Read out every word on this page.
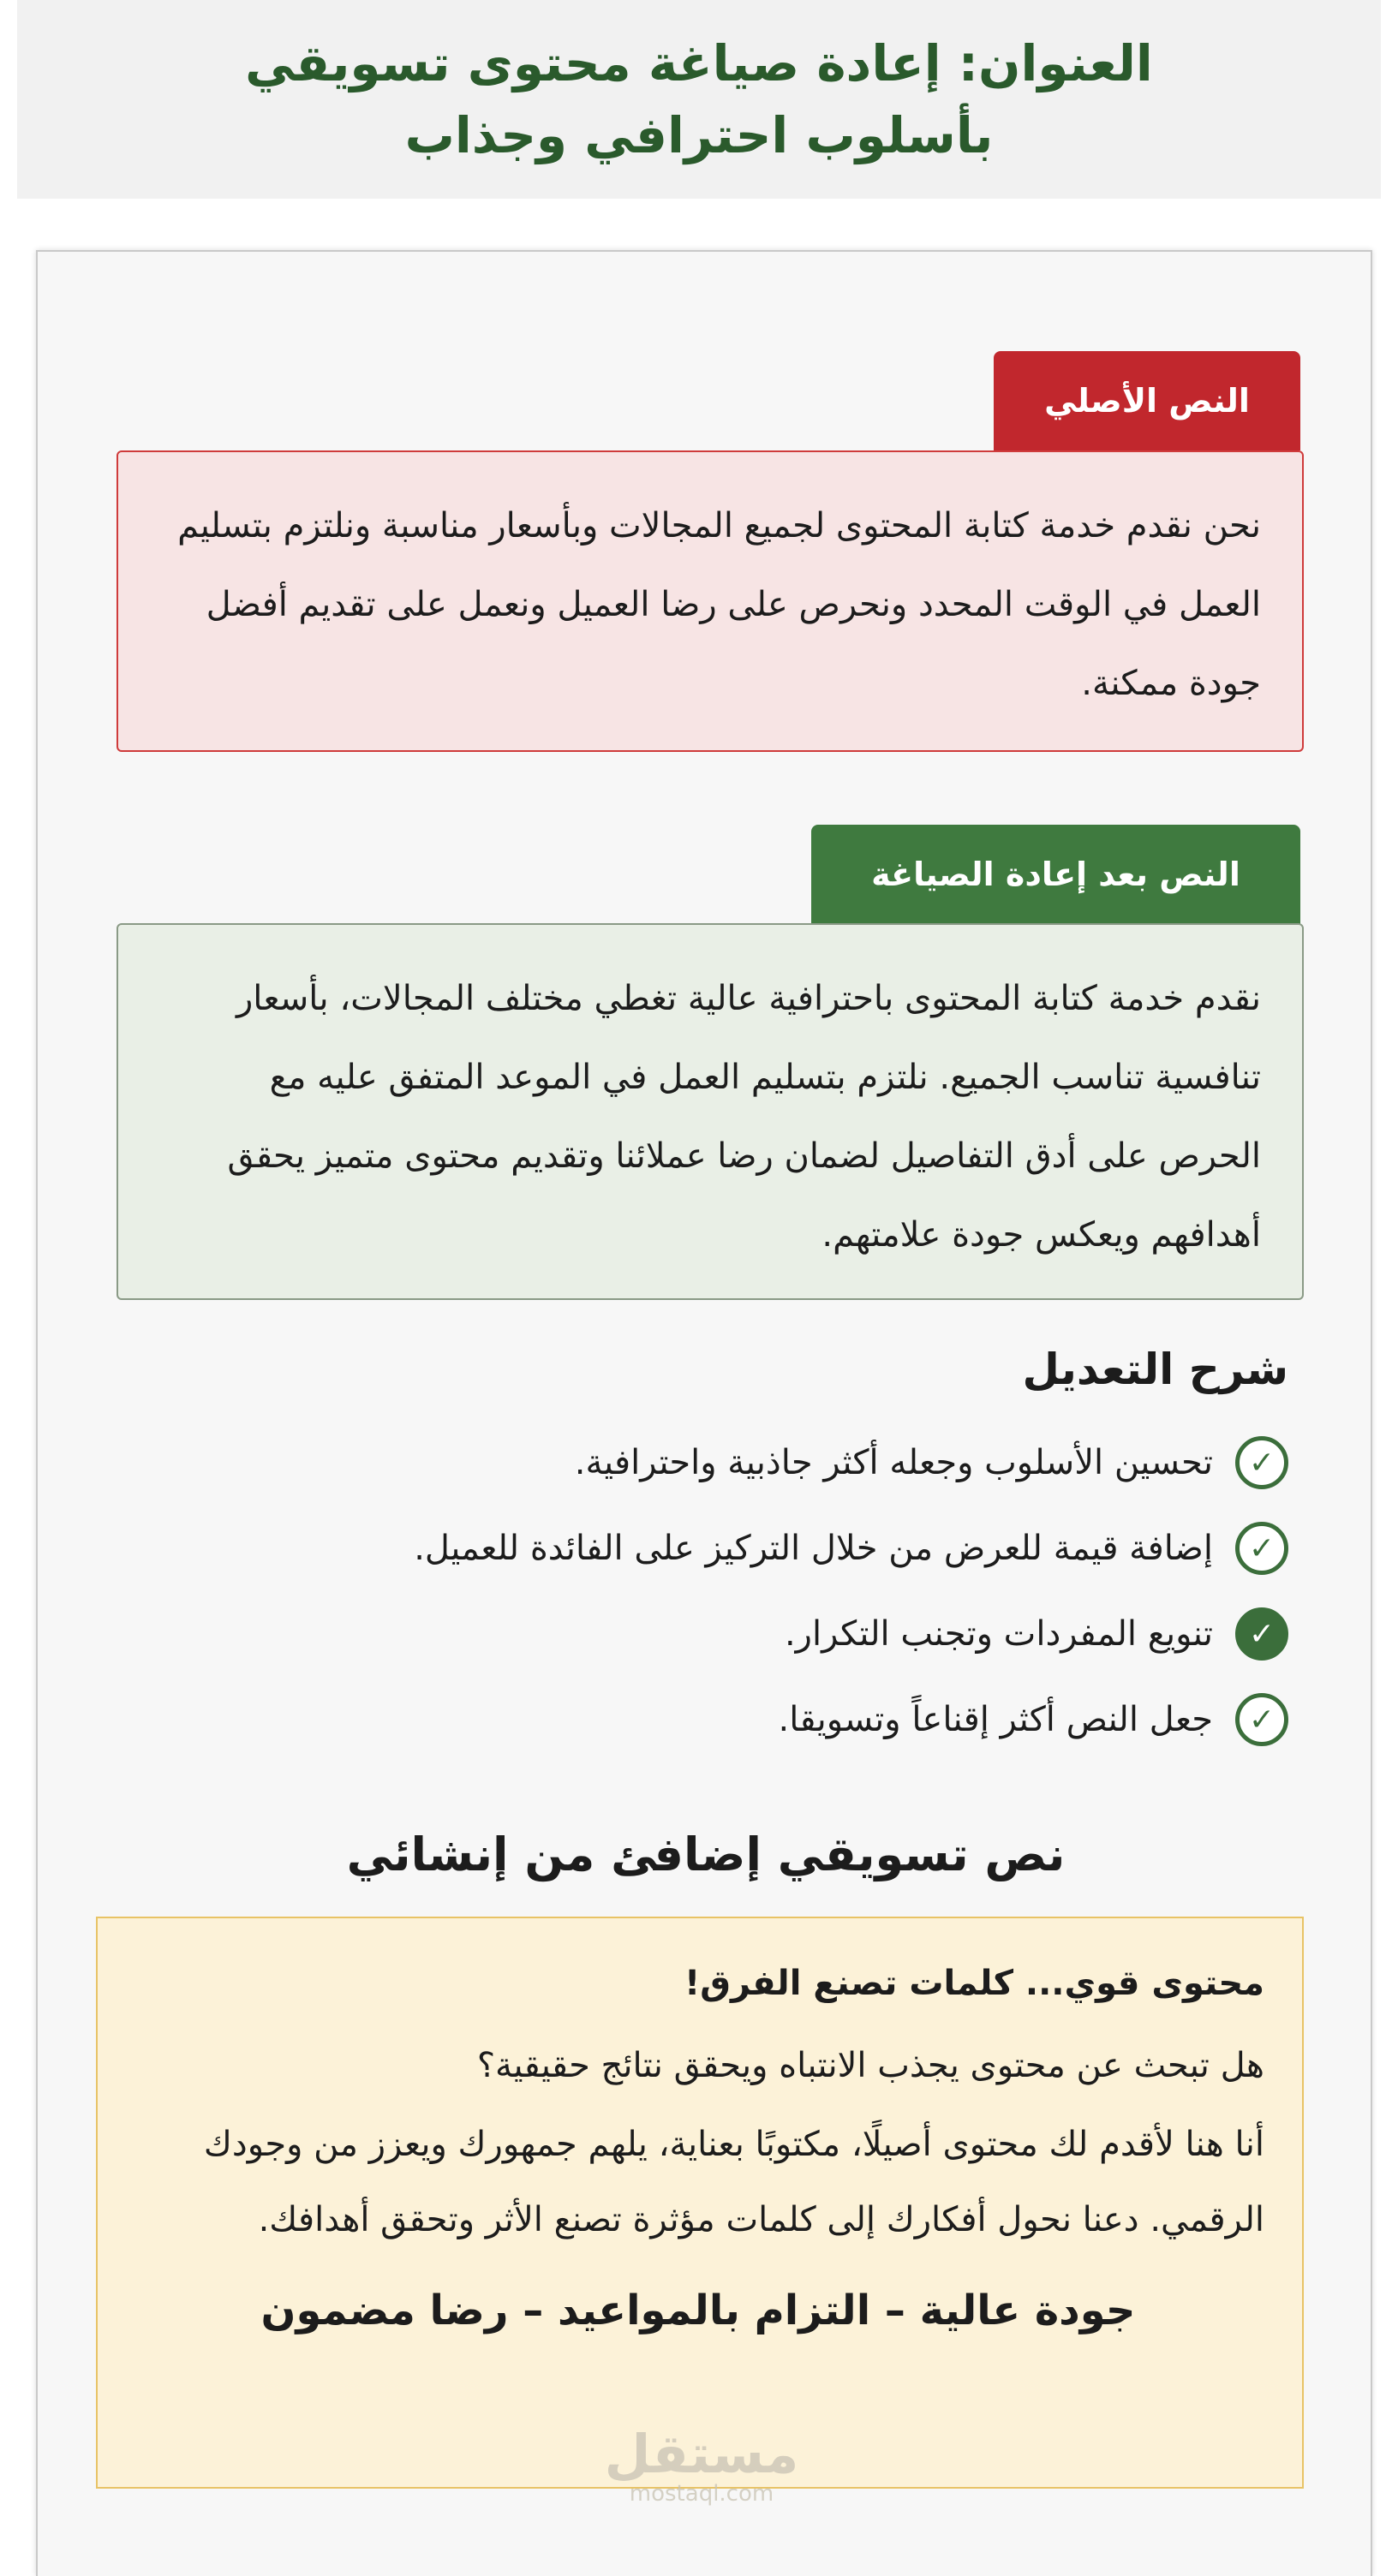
العنوان: إعادة صياغة محتوى تسويقي بأسلوب احترافي وجذاب
النص الأصلي

نحن نقدم خدمة كتابة المحتوى لجميع المجالات وبأسعار مناسبة ونلتزم بتسليم العمل في الوقت المحدد ونحرص على رضا العميل ونعمل على تقديم أفضل جودة ممكنة.

النص بعد إعادة الصياغة

نقدم خدمة كتابة المحتوى باحترافية عالية تغطي مختلف المجالات، بأسعار تنافسية تناسب الجميع. نلتزم بتسليم العمل في الموعد المتفق عليه مع الحرص على أدق التفاصيل لضمان رضا عملائنا وتقديم محتوى متميز يحقق أهدافهم ويعكس جودة علامتهم.

شرح التعديل
✓
تحسين الأسلوب وجعله أكثر جاذبية واحترافية.
✓
إضافة قيمة للعرض من خلال التركيز على الفائدة للعميل.
✓
تنويع المفردات وتجنب التكرار.
✓
جعل النص أكثر إقناعاً وتسويقا.
نص تسويقي إضافئ من إنشائي

محتوى قوي... كلمات تصنع الفرق!

هل تبحث عن محتوى يجذب الانتباه ويحقق نتائج حقيقية؟

أنا هنا لأقدم لك محتوى أصيلًا، مكتوبًا بعناية، يلهم جمهورك ويعزز من وجودك الرقمي. دعنا نحول أفكارك إلى كلمات مؤثرة تصنع الأثر وتحقق أهدافك.

جودة عالية – التزام بالمواعيد – رضا مضمون

مستقل
mostaql.com
